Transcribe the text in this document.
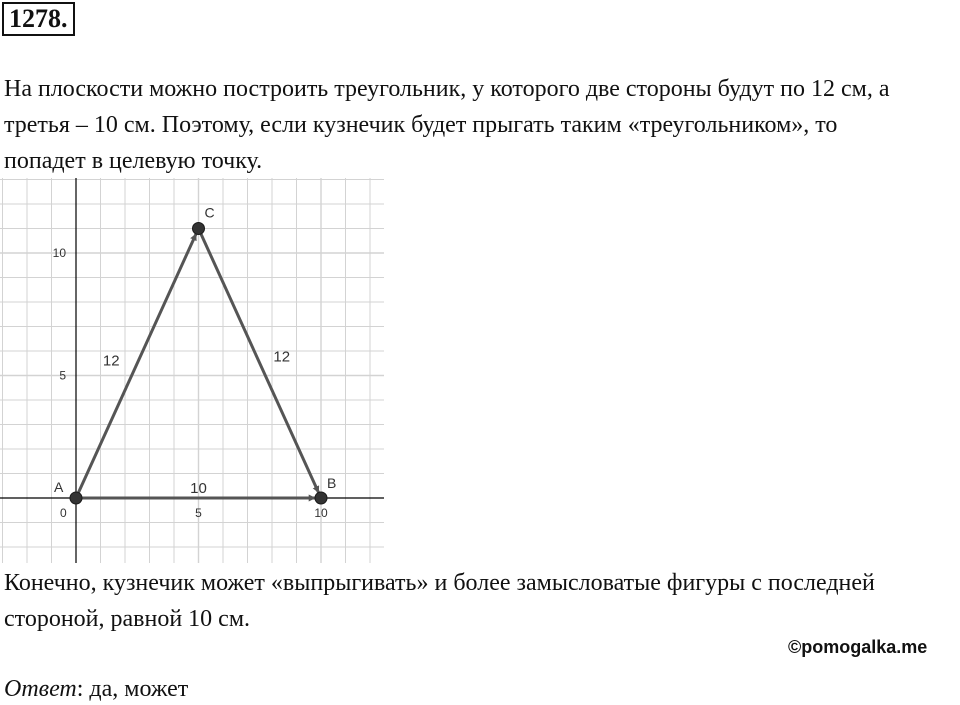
1278.

На плоскости можно построить треугольник, у которого две стороны будут по 12 см, а
третья – 10 см. Поэтому, если кузнечик будет прыгать таким «треугольником», то
попадет в целевую точку.

0	5	10
5
10
12	12
10
A	B
C

Конечно, кузнечик может «выпрыгивать» и более замысловатые фигуры с последней
стороной, равной 10 см.

©pomogalka.me
Ответ: да, может
